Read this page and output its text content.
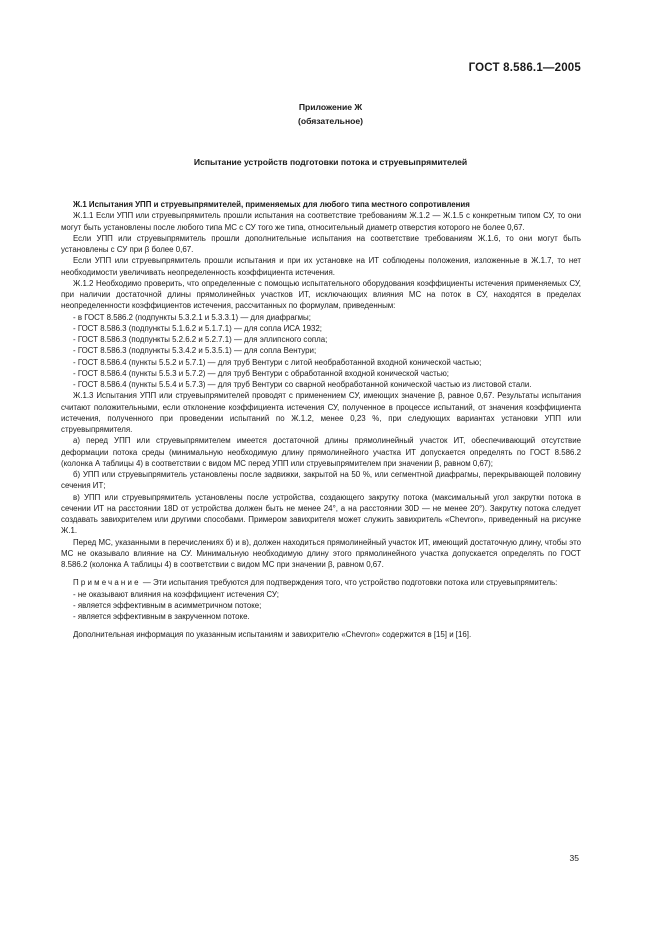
ГОСТ 8.586.1—2005
Приложение Ж
(обязательное)
Испытание устройств подготовки потока и струевыпрямителей

Ж.1 Испытания УПП и струевыпрямителей, применяемых для любого типа местного сопротивления

Ж.1.1 Если УПП или струевыпрямитель прошли испытания на соответствие требованиям Ж.1.2 — Ж.1.5 с конкретным типом СУ, то они могут быть установлены после любого типа МС с СУ того же типа, относительный диаметр отверстия которого не более 0,67.

Если УПП или струевыпрямитель прошли дополнительные испытания на соответствие требованиям Ж.1.6, то они могут быть установлены с СУ при β более 0,67.

Если УПП или струевыпрямитель прошли испытания и при их установке на ИТ соблюдены положения, изложенные в Ж.1.7, то нет необходимости увеличивать неопределенность коэффициента истечения.

Ж.1.2 Необходимо проверить, что определенные с помощью испытательного оборудования коэффициенты истечения применяемых СУ, при наличии достаточной длины прямолинейных участков ИТ, исключающих влияния МС на поток в СУ, находятся в пределах неопределенности коэффициентов истечения, рассчитанных по формулам, приведенным:

- в ГОСТ 8.586.2 (подпункты 5.3.2.1 и 5.3.3.1) — для диафрагмы;
- ГОСТ 8.586.3 (подпункты 5.1.6.2 и 5.1.7.1) — для сопла ИСА 1932;
- ГОСТ 8.586.3 (подпункты 5.2.6.2 и 5.2.7.1) — для эллипсного сопла;
- ГОСТ 8.586.3 (подпункты 5.3.4.2 и 5.3.5.1) — для сопла Вентури;
- ГОСТ 8.586.4 (пункты 5.5.2 и 5.7.1) — для труб Вентури с литой необработанной входной конической частью;
- ГОСТ 8.586.4 (пункты 5.5.3 и 5.7.2) — для труб Вентури с обработанной входной конической частью;
- ГОСТ 8.586.4 (пункты 5.5.4 и 5.7.3) — для труб Вентури со сварной необработанной конической частью из листовой стали.

Ж.1.3 Испытания УПП или струевыпрямителей проводят с применением СУ, имеющих значение β, равное 0,67. Результаты испытания считают положительными, если отклонение коэффициента истечения СУ, полученное в процессе испытаний, от значения коэффициента истечения, полученного при проведении испытаний по Ж.1.2, менее 0,23 %, при следующих вариантах установки УПП или струевыпрямителя.

а) перед УПП или струевыпрямителем имеется достаточной длины прямолинейный участок ИТ, обеспечивающий отсутствие деформации потока среды (минимальную необходимую длину прямолинейного участка ИТ допускается определять по ГОСТ 8.586.2 (колонка А таблицы 4) в соответствии с видом МС перед УПП или струевыпрямителем при значении β, равном 0,67);

б) УПП или струевыпрямитель установлены после задвижки, закрытой на 50 %, или сегментной диафрагмы, перекрывающей половину сечения ИТ;

в) УПП или струевыпрямитель установлены после устройства, создающего закрутку потока (максимальный угол закрутки потока в сечении ИТ на расстоянии 18D от устройства должен быть не менее 24°, а на расстоянии 30D — не менее 20°). Закрутку потока следует создавать завихрителем или другими способами. Примером завихрителя может служить завихритель «Chevron», приведенный на рисунке Ж.1.

Перед МС, указанными в перечислениях б) и в), должен находиться прямолинейный участок ИТ, имеющий достаточную длину, чтобы это МС не оказывало влияние на СУ. Минимальную необходимую длину этого прямолинейного участка допускается определять по ГОСТ 8.586.2 (колонка А таблицы 4) в соответствии с видом МС при значении β, равном 0,67.

Примечание — Эти испытания требуются для подтверждения того, что устройство подготовки потока или струевыпрямитель:

- не оказывают влияния на коэффициент истечения СУ;
- является эффективным в асимметричном потоке;
- является эффективным в закрученном потоке.

Дополнительная информация по указанным испытаниям и завихрителю «Chevron» содержится в [15] и [16].

35
